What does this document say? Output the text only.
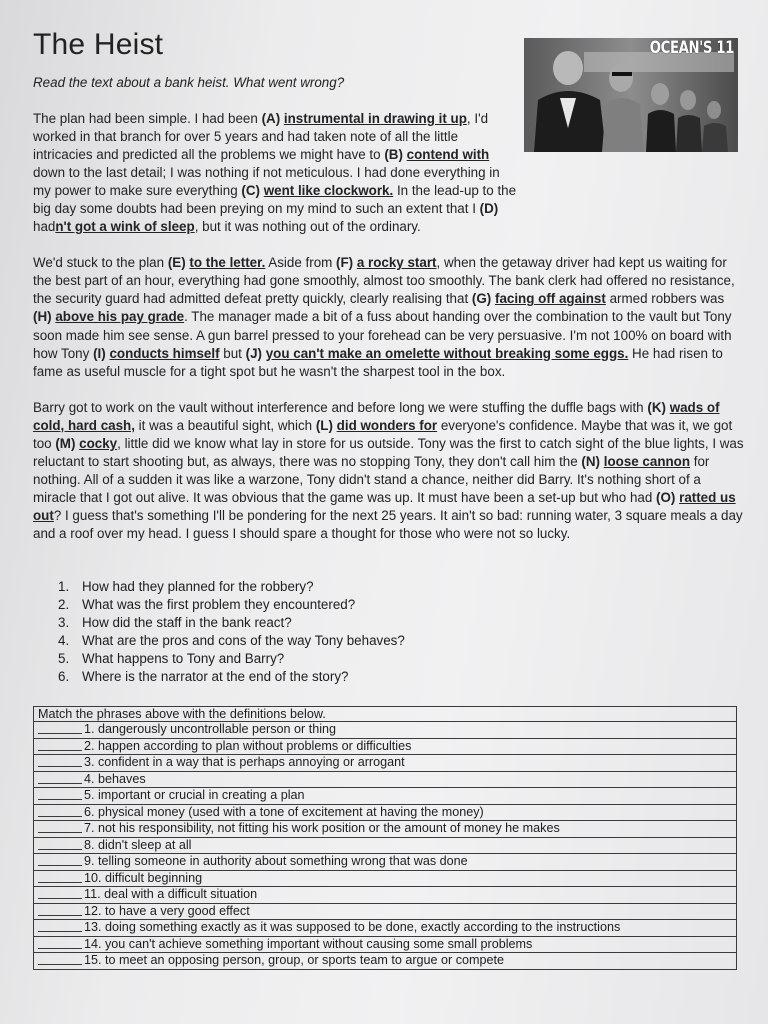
The Heist
Read the text about a bank heist. What went wrong?
OCEAN'S 11

The plan had been simple. I had been (A) instrumental in drawing it up, I'd worked in that branch for over 5 years and had taken note of all the little intricacies and predicted all the problems we might have to (B) contend with down to the last detail; I was nothing if not meticulous. I had done everything in my power to make sure everything (C) went like clockwork. In the lead-up to the big day some doubts had been preying on my mind to such an extent that I (D) hadn't got a wink of sleep, but it was nothing out of the ordinary.

We'd stuck to the plan (E) to the letter. Aside from (F) a rocky start, when the getaway driver had kept us waiting for the best part of an hour, everything had gone smoothly, almost too smoothly. The bank clerk had offered no resistance, the security guard had admitted defeat pretty quickly, clearly realising that (G) facing off against armed robbers was (H) above his pay grade. The manager made a bit of a fuss about handing over the combination to the vault but Tony soon made him see sense. A gun barrel pressed to your forehead can be very persuasive. I'm not 100% on board with how Tony (I) conducts himself but (J) you can't make an omelette without breaking some eggs. He had risen to fame as useful muscle for a tight spot but he wasn't the sharpest tool in the box.

Barry got to work on the vault without interference and before long we were stuffing the duffle bags with (K) wads of cold, hard cash, it was a beautiful sight, which (L) did wonders for everyone's confidence. Maybe that was it, we got too (M) cocky, little did we know what lay in store for us outside. Tony was the first to catch sight of the blue lights, I was reluctant to start shooting but, as always, there was no stopping Tony, they don't call him the (N) loose cannon for nothing. All of a sudden it was like a warzone, Tony didn't stand a chance, neither did Barry. It's nothing short of a miracle that I got out alive. It was obvious that the game was up. It must have been a set-up but who had (O) ratted us out? I guess that's something I'll be pondering for the next 25 years. It ain't so bad: running water, 3 square meals a day and a roof over my head. I guess I should spare a thought for those who were not so lucky.

1. How had they planned for the robbery?
2. What was the first problem they encountered?
3. How did the staff in the bank react?
4. What are the pros and cons of the way Tony behaves?
5. What happens to Tony and Barry?
6. Where is the narrator at the end of the story?
Match the phrases above with the definitions below.
1. dangerously uncontrollable person or thing
2. happen according to plan without problems or difficulties
3. confident in a way that is perhaps annoying or arrogant
4. behaves
5. important or crucial in creating a plan
6. physical money (used with a tone of excitement at having the money)
7. not his responsibility, not fitting his work position or the amount of money he makes
8. didn't sleep at all
9. telling someone in authority about something wrong that was done
10. difficult beginning
11. deal with a difficult situation
12. to have a very good effect
13. doing something exactly as it was supposed to be done, exactly according to the instructions
14. you can't achieve something important without causing some small problems
15. to meet an opposing person, group, or sports team to argue or compete
